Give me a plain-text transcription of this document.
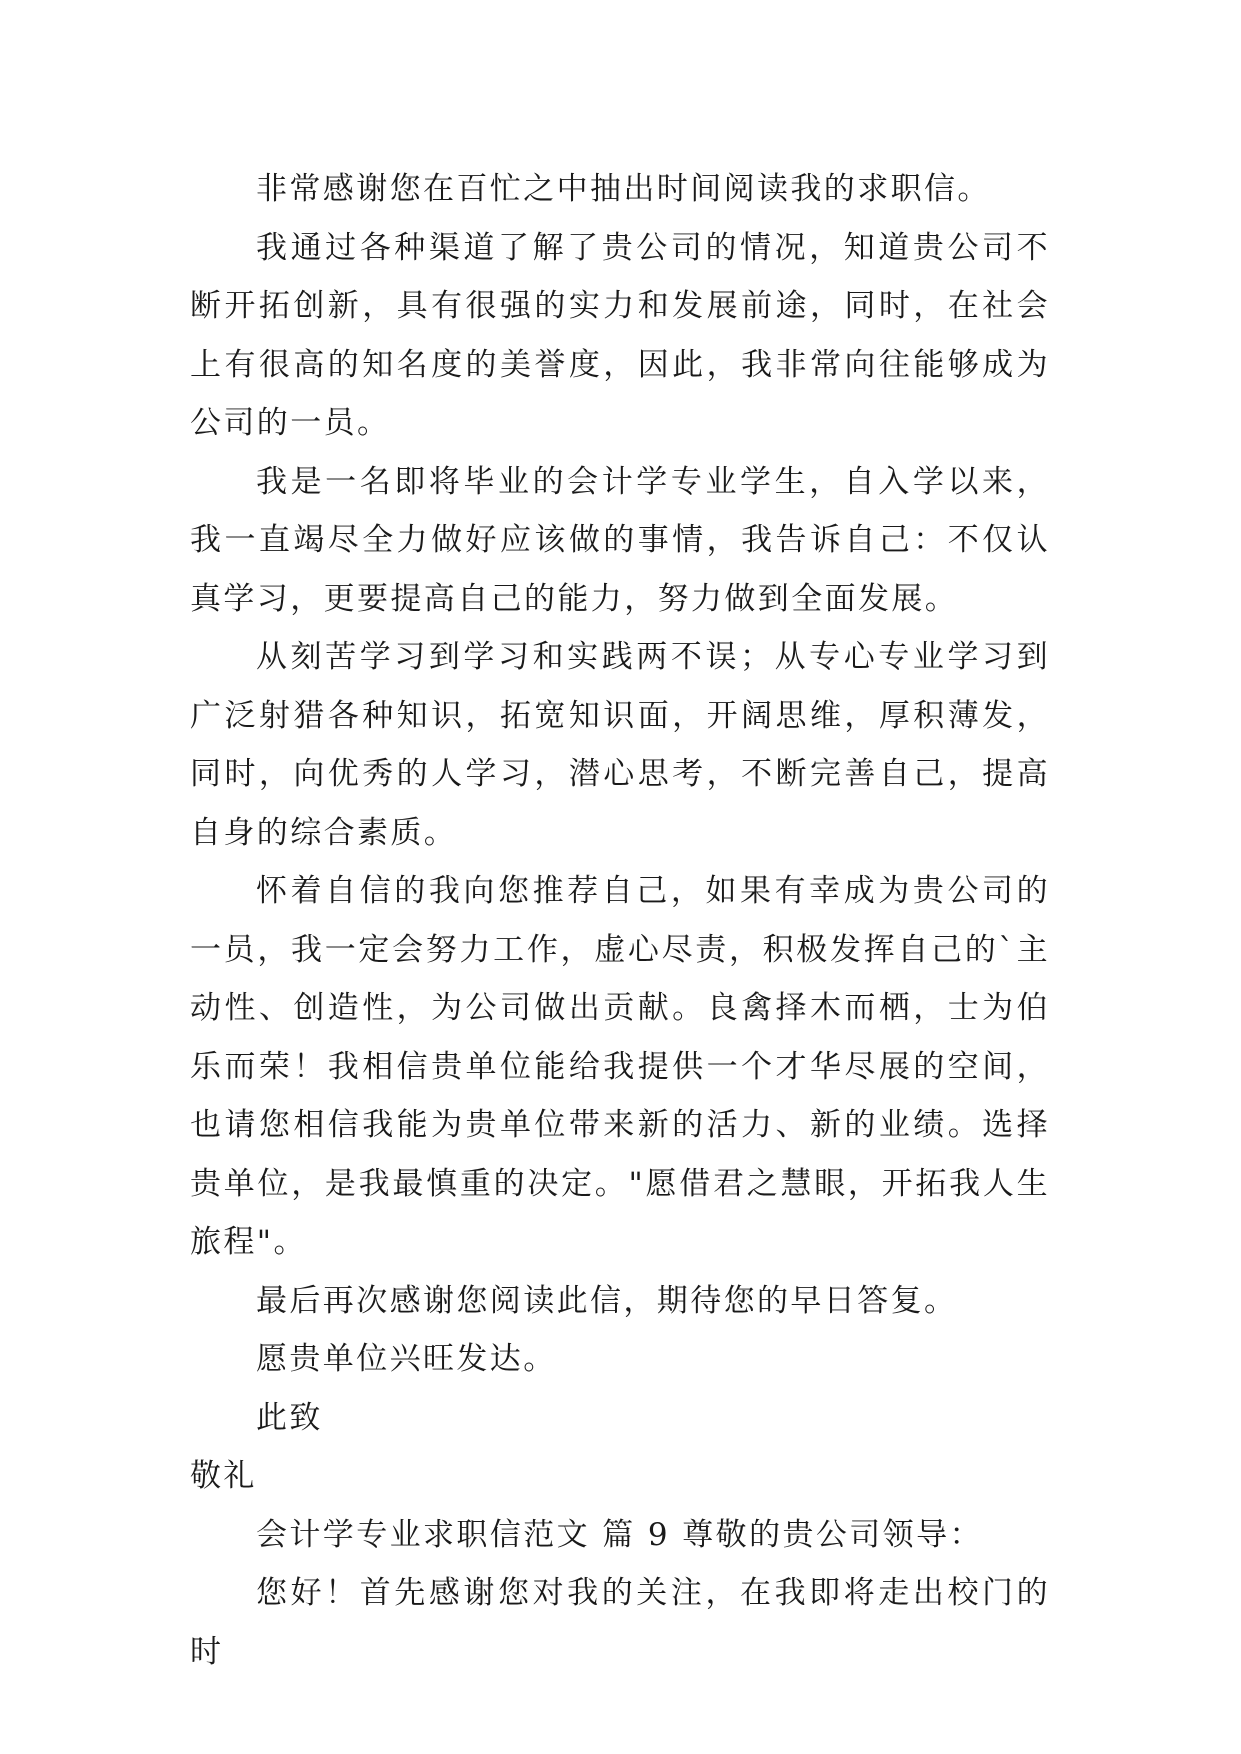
非常感谢您在百忙之中抽出时间阅读我的求职信。

我通过各种渠道了解了贵公司的情况，知道贵公司不断开拓创新，具有很强的实力和发展前途，同时，在社会上有很高的知名度的美誉度，因此，我非常向往能够成为公司的一员。

我是一名即将毕业的会计学专业学生，自入学以来，我一直竭尽全力做好应该做的事情，我告诉自己：不仅认真学习，更要提高自己的能力，努力做到全面发展。

从刻苦学习到学习和实践两不误；从专心专业学习到广泛射猎各种知识，拓宽知识面，开阔思维，厚积薄发，同时，向优秀的人学习，潜心思考，不断完善自己，提高自身的综合素质。

怀着自信的我向您推荐自己，如果有幸成为贵公司的一员，我一定会努力工作，虚心尽责，积极发挥自己的`主动性、创造性，为公司做出贡献。良禽择木而栖，士为伯乐而荣！我相信贵单位能给我提供一个才华尽展的空间，也请您相信我能为贵单位带来新的活力、新的业绩。选择贵单位，是我最慎重的决定。"愿借君之慧眼，开拓我人生旅程"。

最后再次感谢您阅读此信，期待您的早日答复。

愿贵单位兴旺发达。

此致

敬礼

会计学专业求职信范文 篇 9 尊敬的贵公司领导：

您好！首先感谢您对我的关注，在我即将走出校门的时
